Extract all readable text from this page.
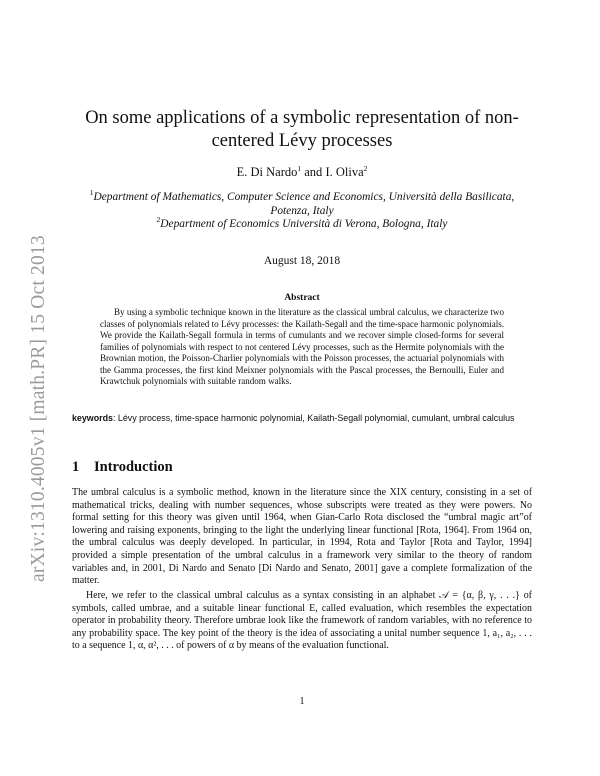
arXiv:1310.4005v1 [math.PR] 15 Oct 2013
On some applications of a symbolic representation of non-centered Lévy processes
E. Di Nardo$^1$ and I. Oliva$^2$
$^1$Department of Mathematics, Computer Science and Economics, Università della Basilicata, Potenza, Italy
$^2$Department of Economics Università di Verona, Bologna, Italy
August 18, 2018
Abstract
By using a symbolic technique known in the literature as the classical umbral calculus, we characterize two classes of polynomials related to Lévy processes: the Kailath-Segall and the time-space harmonic polynomials. We provide the Kailath-Segall formula in terms of cumulants and we recover simple closed-forms for several families of polynomials with respect to not centered Lévy processes, such as the Hermite polynomials with the Brownian motion, the Poisson-Charlier polynomials with the Poisson processes, the actuarial polynomials with the Gamma processes, the first kind Meixner polynomials with the Pascal processes, the Bernoulli, Euler and Krawtchuk polynomials with suitable random walks.
keywords: Lévy process, time-space harmonic polynomial, Kailath-Segall polynomial, cumulant, umbral calculus
1 Introduction
The umbral calculus is a symbolic method, known in the literature since the XIX century, consisting in a set of mathematical tricks, dealing with number sequences, whose subscripts were treated as they were powers. No formal setting for this theory was given until 1964, when Gian-Carlo Rota disclosed the “umbral magic art”of lowering and raising exponents, bringing to the light the underlying linear functional [Rota, 1964]. From 1964 on, the umbral calculus was deeply developed. In particular, in 1994, Rota and Taylor [Rota and Taylor, 1994] provided a simple presentation of the umbral calculus in a framework very similar to the theory of random variables and, in 2001, Di Nardo and Senato [Di Nardo and Senato, 2001] gave a complete formalization of the matter.
Here, we refer to the classical umbral calculus as a syntax consisting in an alphabet 𝒜 = {α, β, γ, . . .} of symbols, called umbrae, and a suitable linear functional E, called evaluation, which resembles the expectation operator in probability theory. Therefore umbrae look like the framework of random variables, with no reference to any probability space. The key point of the theory is the idea of associating a unital number sequence 1, a₁, a₂, . . . to a sequence 1, α, α², . . . of powers of α by means of the evaluation functional.
1
